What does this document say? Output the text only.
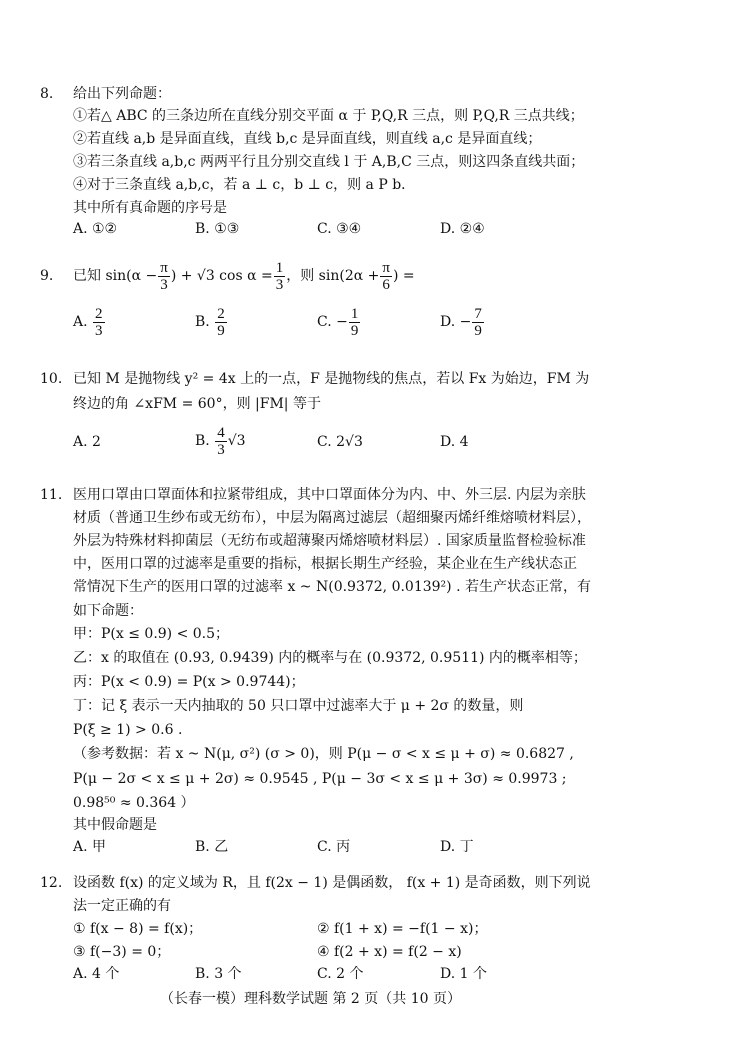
8. 给出下列命题：
①若△ ABC 的三条边所在直线分别交平面 α 于 P,Q,R 三点，则 P,Q,R 三点共线；
②若直线 a,b 是异面直线，直线 b,c 是异面直线，则直线 a,c 是异面直线；
③若三条直线 a,b,c 两两平行且分别交直线 l 于 A,B,C 三点，则这四条直线共面；
④对于三条直线 a,b,c，若 a ⊥ c，b ⊥ c，则 a P b．
其中所有真命题的序号是
A. ①②	B. ①③	C. ③④	D. ②④
9. 已知 $\sin(\alpha - \frac{\pi}{3}$ ) + √3 $\cos \alpha = \frac{1}{3}$ ，则 $\sin(2\alpha + \frac{\pi}{6}$ ) =
A. $\frac{2}{3}$	B. $\frac{2}{9}$	C. − $\frac{1}{9}$	D. − $\frac{7}{9}$
10. 已知 M 是抛物线 y² = 4x 上的一点，F 是抛物线的焦点，若以 Fx 为始边，FM 为
终边的角 ∠xFM = 60°，则 |FM| 等于
A. 2	B. $\frac{4}{3} √3$	C. 2√3	D. 4
11. 医用口罩由口罩面体和拉紧带组成，其中口罩面体分为内、中、外三层. 内层为亲肤
材质（普通卫生纱布或无纺布），中层为隔离过滤层（超细聚丙烯纤维熔喷材料层），
外层为特殊材料抑菌层（无纺布或超薄聚丙烯熔喷材料层）. 国家质量监督检验标准
中，医用口罩的过滤率是重要的指标，根据长期生产经验，某企业在生产线状态正
常情况下生产的医用口罩的过滤率 x ~ N(0.9372, 0.0139²) . 若生产状态正常，有
如下命题：
甲：P(x ≤ 0.9) < 0.5；
乙：x 的取值在 (0.93, 0.9439) 内的概率与在 (0.9372, 0.9511) 内的概率相等；
丙：P(x < 0.9) = P(x > 0.9744)；
丁：记 ξ 表示一天内抽取的 50 只口罩中过滤率大于 μ + 2σ 的数量，则
P(ξ ≥ 1) > 0.6 .
（参考数据：若 x ~ N(μ, σ²) (σ > 0)，则 P(μ − σ < x ≤ μ + σ) ≈ 0.6827 ,
P(μ − 2σ < x ≤ μ + 2σ) ≈ 0.9545 , P(μ − 3σ < x ≤ μ + 3σ) ≈ 0.9973 ;
0.98⁵⁰ ≈ 0.364 ）
其中假命题是
A. 甲	B. 乙	C. 丙	D. 丁
12. 设函数 f(x) 的定义域为 R，且 f(2x − 1) 是偶函数， f(x + 1) 是奇函数，则下列说
法一定正确的有
① f(x − 8) = f(x)；	② f(1 + x) = −f(1 − x)；
③ f(−3) = 0；	④ f(2 + x) = f(2 − x)
A. 4 个	B. 3 个	C. 2 个	D. 1 个
（长春一模）理科数学试题 第 2 页（共 10 页）
